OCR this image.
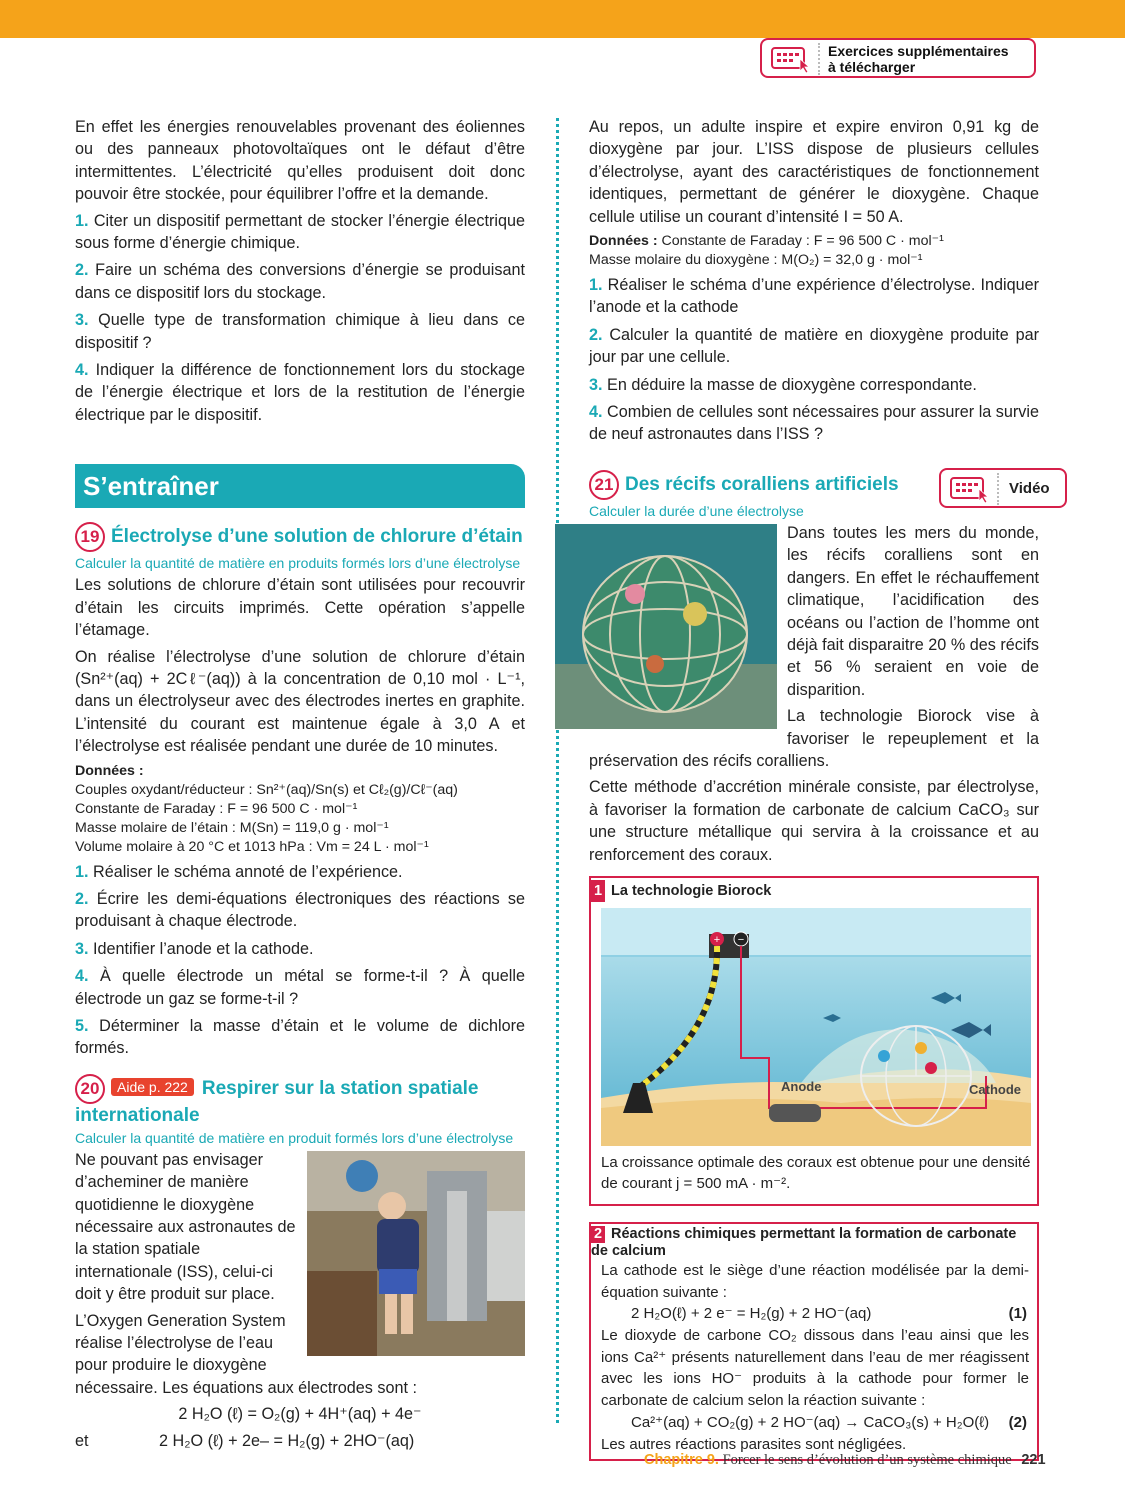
Exercices supplémentaires
à télécharger

En effet les énergies renouvelables provenant des éoliennes ou des panneaux photovoltaïques ont le défaut d’être intermittentes. L’électricité qu’elles produisent doit donc pouvoir être stockée, pour équilibrer l’offre et la demande.

1. Citer un dispositif permettant de stocker l’énergie électrique sous forme d’énergie chimique.

2. Faire un schéma des conversions d’énergie se produisant dans ce dispositif lors du stockage.

3. Quelle type de transformation chimique à lieu dans ce dispositif ?

4. Indiquer la différence de fonctionnement lors du stockage de l’énergie électrique et lors de la restitution de l’énergie électrique par le dispositif.

S’entraîner
19 Électrolyse d’une solution de chlorure d’étain
Calculer la quantité de matière en produits formés lors d’une électrolyse

Les solutions de chlorure d’étain sont utilisées pour recouvrir d’étain les circuits imprimés. Cette opération s’appelle l’étamage.

On réalise l’électrolyse d’une solution de chlorure d’étain (Sn²⁺(aq) + 2Cℓ⁻(aq)) à la concentration de 0,10 mol · L⁻¹, dans un électrolyseur avec des électrodes inertes en graphite. L’intensité du courant est maintenue égale à 3,0 A et l’électrolyse est réalisée pendant une durée de 10 minutes.

Données :
Couples oxydant/réducteur : Sn²⁺(aq)/Sn(s) et Cℓ₂(g)/Cℓ⁻(aq)
Constante de Faraday : F = 96 500 C · mol⁻¹
Masse molaire de l’étain : M(Sn) = 119,0 g · mol⁻¹
Volume molaire à 20 °C et 1013 hPa : Vm = 24 L · mol⁻¹

1. Réaliser le schéma annoté de l’expérience.

2. Écrire les demi-équations électroniques des réactions se produisant à chaque électrode.

3. Identifier l’anode et la cathode.

4. À quelle électrode un métal se forme-t-il ? À quelle électrode un gaz se forme-t-il ?

5. Déterminer la masse d’étain et le volume de dichlore formés.

20 Aide p. 222 Respirer sur la station spatiale internationale
Calculer la quantité de matière en produit formés lors d’une électrolyse

Ne pouvant pas envisager d’acheminer de manière quotidienne le dioxygène nécessaire aux astronautes de la station spatiale internationale (ISS), celui-ci doit y être produit sur place.

L’Oxygen Generation System réalise l’électrolyse de l’eau pour produire le dioxygène nécessaire. Les équations aux électrodes sont :

2 H₂O (ℓ) = O₂(g) + 4H⁺(aq) + 4e⁻
et	2 H₂O (ℓ) + 2e– = H₂(g) + 2HO⁻(aq)

Au repos, un adulte inspire et expire environ 0,91 kg de dioxygène par jour. L’ISS dispose de plusieurs cellules d’électrolyse, ayant des caractéristiques de fonctionnement identiques, permettant de générer le dioxygène. Chaque cellule utilise un courant d’intensité I = 50 A.

Données : Constante de Faraday : F = 96 500 C · mol⁻¹
Masse molaire du dioxygène : M(O₂) = 32,0 g · mol⁻¹

1. Réaliser le schéma d’une expérience d’électrolyse. Indiquer l’anode et la cathode

2. Calculer la quantité de matière en dioxygène produite par jour par une cellule.

3. En déduire la masse de dioxygène correspondante.

4. Combien de cellules sont nécessaires pour assurer la survie de neuf astronautes dans l’ISS ?

21 Des récifs coralliens artificiels
Calculer la durée d’une électrolyse

Dans toutes les mers du monde, les récifs coralliens sont en dangers. En effet le réchauffement climatique, l’acidification des océans ou l’action de l’homme ont déjà fait disparaitre 20 % des récifs et 56 % seraient en voie de disparition.

La technologie Biorock vise à favoriser le repeuplement et la préservation des récifs coralliens.

Cette méthode d’accrétion minérale consiste, par électrolyse, à favoriser la formation de carbonate de calcium CaCO₃ sur une structure métallique qui servira à la croissance et au renforcement des coraux.

1 La technologie Biorock
+ −
Anode	Cathode
La croissance optimale des coraux est obtenue pour une densité de courant j = 500 mA · m⁻².
2 Réactions chimiques permettant la formation de carbonate de calcium

La cathode est le siège d’une réaction modélisée par la demi-équation suivante :

2 H₂O(ℓ) + 2 e⁻ = H₂(g) + 2 HO⁻(aq)	(1)

Le dioxyde de carbone CO₂ dissous dans l’eau ainsi que les ions Ca²⁺ présents naturellement dans l’eau de mer réagissent avec les ions HO⁻ produits à la cathode pour former le carbonate de calcium selon la réaction suivante :

Ca²⁺(aq) + CO₂(g) + 2 HO⁻(aq) → CaCO₃(s) + H₂O(ℓ) (2)

Les autres réactions parasites sont négligées.

Vidéo
Chapitre 9. Forcer le sens d’évolution d’un système chimique 221
